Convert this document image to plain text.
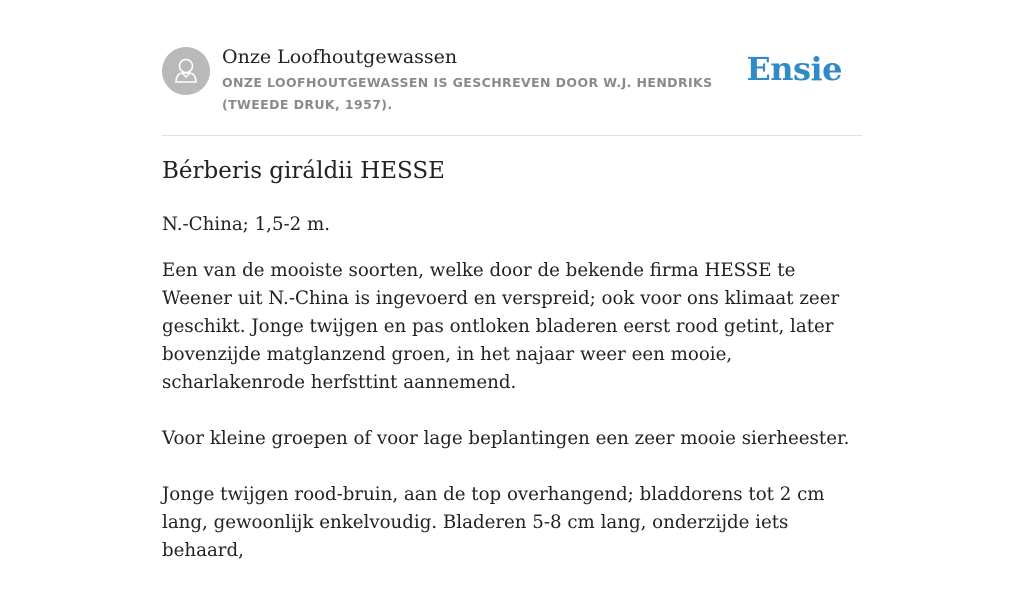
Onze Loofhoutgewassen
ONZE LOOFHOUTGEWASSEN IS GESCHREVEN DOOR W.J. HENDRIKS (TWEEDE DRUK, 1957).
Ensie
Bérberis giráldii HESSE

N.-China; 1,5-2 m.

Een van de mooiste soorten, welke door de bekende firma HESSE te Weener uit N.-China is ingevoerd en verspreid; ook voor ons klimaat zeer geschikt. Jonge twijgen en pas ontloken bladeren eerst rood getint, later bovenzijde matglanzend groen, in het najaar weer een mooie, scharlakenrode herfsttint aannemend.

Voor kleine groepen of voor lage beplantingen een zeer mooie sierheester.

Jonge twijgen rood-bruin, aan de top overhangend; bladdorens tot 2 cm lang, gewoonlijk enkelvoudig. Bladeren 5-8 cm lang, onderzijde iets behaard,
